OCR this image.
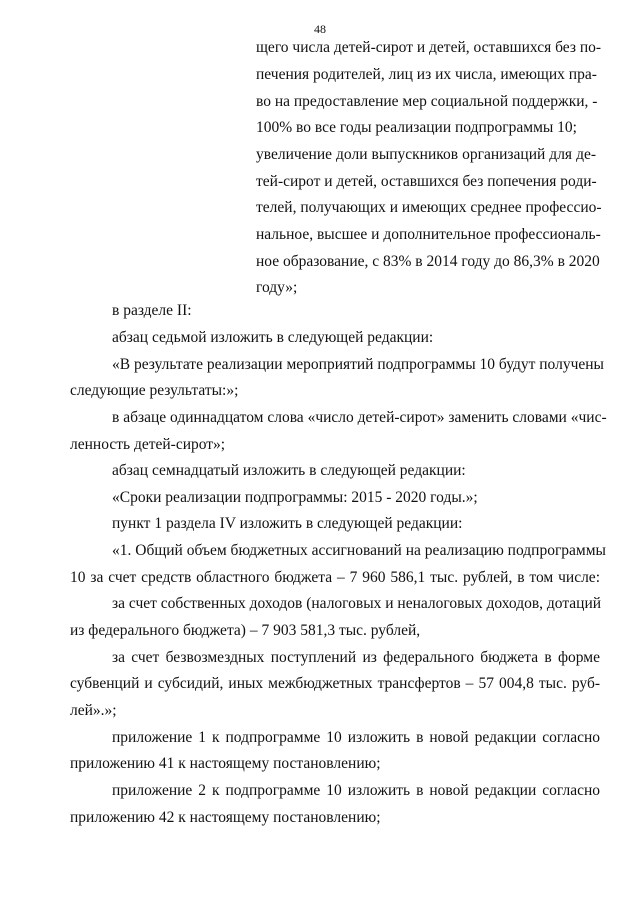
48
щего числа детей-сирот и детей, оставшихся без по-
печения родителей, лиц из их числа, имеющих пра-
во на предоставление мер социальной поддержки, -
100% во все годы реализации подпрограммы 10;
увеличение доли выпускников организаций для де-
тей-сирот и детей, оставшихся без попечения роди-
телей, получающих и имеющих среднее профессио-
нальное, высшее и дополнительное профессиональ-
ное образование, с 83% в 2014 году до 86,3% в 2020
году»;
в разделе II:
абзац седьмой изложить в следующей редакции:
«В результате реализации мероприятий подпрограммы 10 будут получены
следующие результаты:»;
в абзаце одиннадцатом слова «число детей-сирот» заменить словами «чис-
ленность детей-сирот»;
абзац семнадцатый изложить в следующей редакции:
«Сроки реализации подпрограммы: 2015 - 2020 годы.»;
пункт 1 раздела IV изложить в следующей редакции:
«1. Общий объем бюджетных ассигнований на реализацию подпрограммы
10 за счет средств областного бюджета – 7 960 586,1 тыс. рублей, в том числе:
за счет собственных доходов (налоговых и неналоговых доходов, дотаций
из федерального бюджета) – 7 903 581,3 тыс. рублей,
за счет безвозмездных поступлений из федерального бюджета в форме
субвенций и субсидий, иных межбюджетных трансфертов – 57 004,8 тыс. руб-
лей».»;
приложение 1 к подпрограмме 10 изложить в новой редакции согласно
приложению 41 к настоящему постановлению;
приложение 2 к подпрограмме 10 изложить в новой редакции согласно
приложению 42 к настоящему постановлению;
